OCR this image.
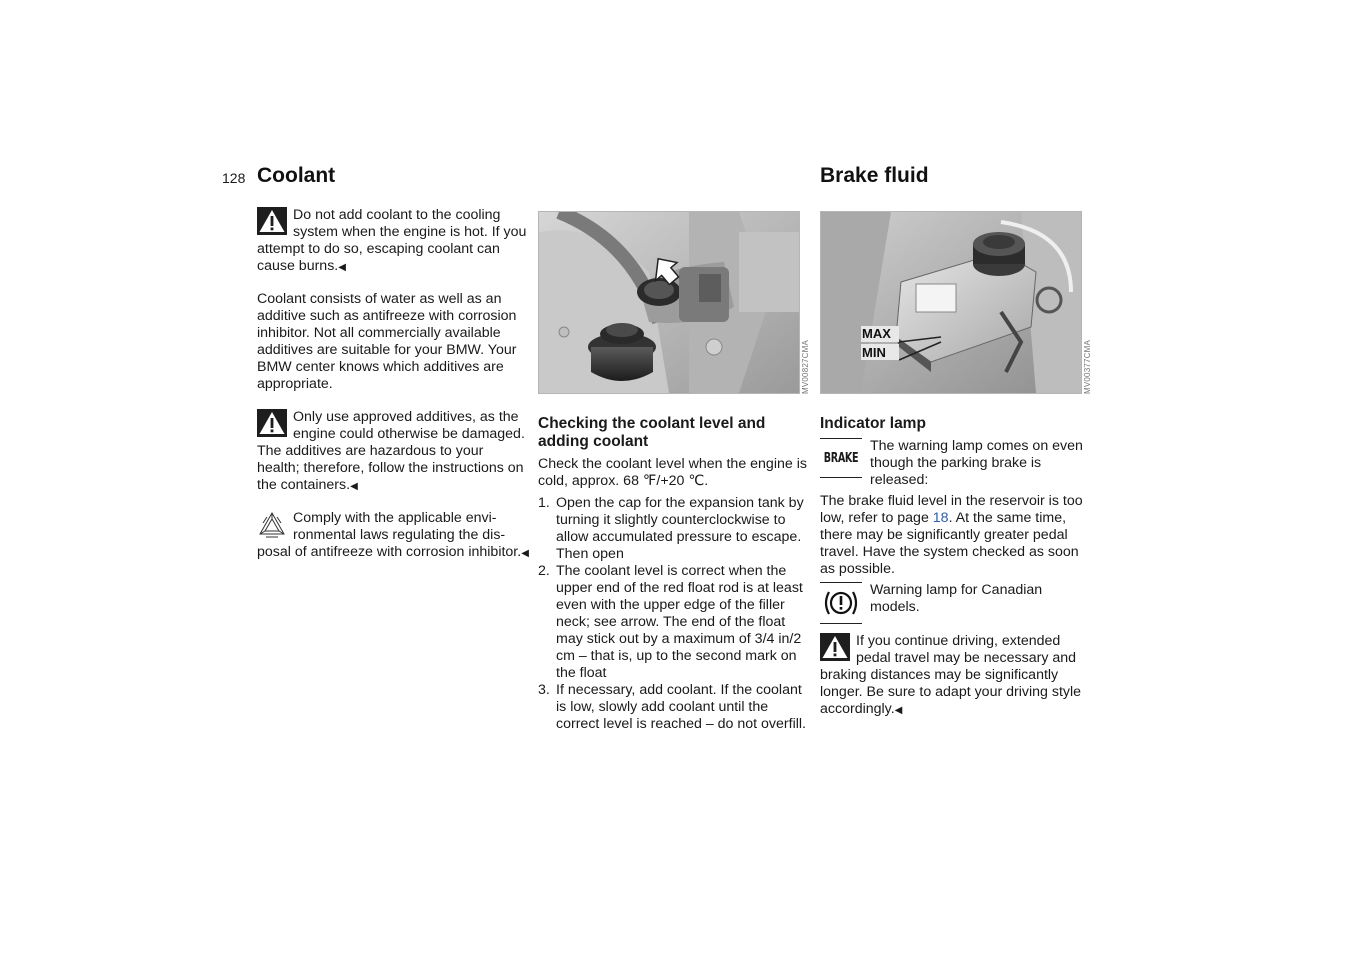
128 Coolant	Brake fluid

Do not add coolant to the cooling system when the engine is hot. If you attempt to do so, escaping coolant can cause burns.◀

Coolant consists of water as well as an additive such as antifreeze with corrosion inhibitor. Not all commercially available additives are suitable for your BMW. Your BMW center knows which additives are appropriate.

Only use approved additives, as the engine could otherwise be damaged. The additives are hazardous to your health; therefore, follow the instructions on the containers.◀

Comply with the applicable environmental laws regulating the disposal of antifreeze with corrosion inhibitor.◀

MV00827CMA
Checking the coolant level and adding coolant

Check the coolant level when the engine is cold, approx. 68 ℉/+20 ℃.

1. Open the cap for the expansion tank by turning it slightly counterclockwise to allow accumulated pressure to escape. Then open
2. The coolant level is correct when the upper end of the red float rod is at least even with the upper edge of the filler neck; see arrow. The end of the float may stick out by a maximum of 3/4 in/2 cm – that is, up to the second mark on the float
3. If necessary, add coolant. If the coolant is low, slowly add coolant until the correct level is reached – do not overfill.
MAX
MIN	MV00377CMA
Indicator lamp
BRAKE

The warning lamp comes on even though the parking brake is released:

The brake fluid level in the reservoir is too low, refer to page 18. At the same time, there may be significantly greater pedal travel. Have the system checked as soon as possible.

Warning lamp for Canadian models.

If you continue driving, extended pedal travel may be necessary and braking distances may be significantly longer. Be sure to adapt your driving style accordingly.◀
